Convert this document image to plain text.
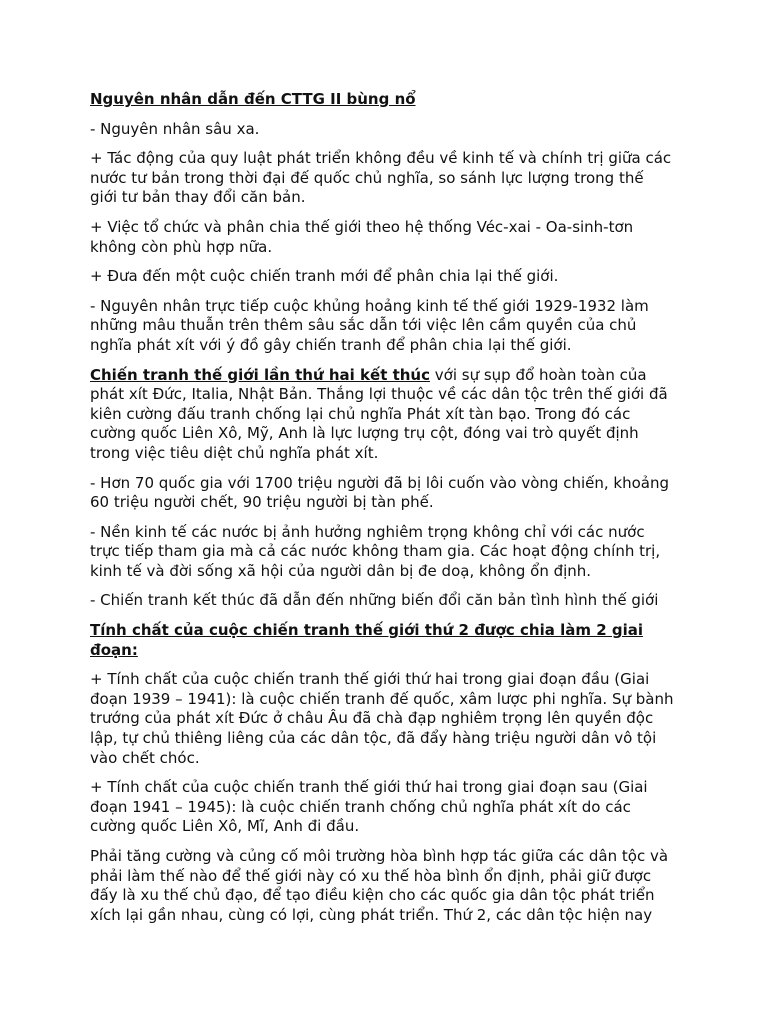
Nguyên nhân dẫn đến CTTG II bùng nổ

- Nguyên nhân sâu xa.

+ Tác động của quy luật phát triển không đều về kinh tế và chính trị giữa các
nước tư bản trong thời đại đế quốc chủ nghĩa, so sánh lực lượng trong thế
giới tư bản thay đổi căn bản.

+ Việc tổ chức và phân chia thế giới theo hệ thống Véc-xai - Oa-sinh-tơn
không còn phù hợp nữa.

+ Đưa đến một cuộc chiến tranh mới để phân chia lại thế giới.

- Nguyên nhân trực tiếp cuộc khủng hoảng kinh tế thế giới 1929-1932 làm
những mâu thuẫn trên thêm sâu sắc dẫn tới việc lên cầm quyền của chủ
nghĩa phát xít với ý đồ gây chiến tranh để phân chia lại thế giới.

Chiến tranh thế giới lần thứ hai kết thúc với sự sụp đổ hoàn toàn của
phát xít Đức, Italia, Nhật Bản. Thắng lợi thuộc về các dân tộc trên thế giới đã
kiên cường đấu tranh chống lại chủ nghĩa Phát xít tàn bạo. Trong đó các
cường quốc Liên Xô, Mỹ, Anh là lực lượng trụ cột, đóng vai trò quyết định
trong việc tiêu diệt chủ nghĩa phát xít.

- Hơn 70 quốc gia với 1700 triệu người đã bị lôi cuốn vào vòng chiến, khoảng
60 triệu người chết, 90 triệu người bị tàn phế.

- Nền kinh tế các nước bị ảnh hưởng nghiêm trọng không chỉ với các nước
trực tiếp tham gia mà cả các nước không tham gia. Các hoạt động chính trị,
kinh tế và đời sống xã hội của người dân bị đe doạ, không ổn định.

- Chiến tranh kết thúc đã dẫn đến những biến đổi căn bản tình hình thế giới

Tính chất của cuộc chiến tranh thế giới thứ 2 được chia làm 2 giai
đoạn:

+ Tính chất của cuộc chiến tranh thế giới thứ hai trong giai đoạn đầu (Giai
đoạn 1939 – 1941): là cuộc chiến tranh đế quốc, xâm lược phi nghĩa. Sự bành
trướng của phát xít Đức ở châu Âu đã chà đạp nghiêm trọng lên quyền độc
lập, tự chủ thiêng liêng của các dân tộc, đã đẩy hàng triệu người dân vô tội
vào chết chóc.

+ Tính chất của cuộc chiến tranh thế giới thứ hai trong giai đoạn sau (Giai
đoạn 1941 – 1945): là cuộc chiến tranh chống chủ nghĩa phát xít do các
cường quốc Liên Xô, Mĩ, Anh đi đầu.

Phải tăng cường và củng cố môi trường hòa bình hợp tác giữa các dân tộc và
phải làm thế nào để thế giới này có xu thế hòa bình ổn định, phải giữ được
đấy là xu thế chủ đạo, để tạo điều kiện cho các quốc gia dân tộc phát triển
xích lại gần nhau, cùng có lợi, cùng phát triển. Thứ 2, các dân tộc hiện nay
